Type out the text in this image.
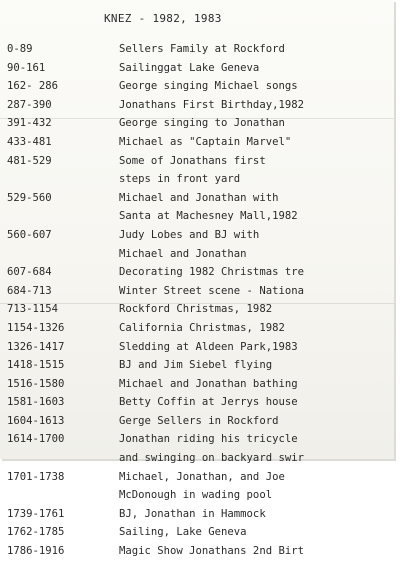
KNEZ - 1982, 1983
0-89	Sellers Family at Rockford
90-161	Sailinggat Lake Geneva
162- 286	George singing Michael songs
287-390	Jonathans First Birthday,1982
391-432	George singing to Jonathan
433-481	Michael as "Captain Marvel"
481-529	Some of Jonathans first
steps in front yard
529-560	Michael and Jonathan with
Santa at Machesney Mall,1982
560-607	Judy Lobes and BJ with
Michael and Jonathan
607-684	Decorating 1982 Christmas tre
684-713	Winter Street scene - Nationa
713-1154	Rockford Christmas, 1982
1154-1326	California Christmas, 1982
1326-1417	Sledding at Aldeen Park,1983
1418-1515	BJ and Jim Siebel flying
1516-1580	Michael and Jonathan bathing
1581-1603	Betty Coffin at Jerrys house
1604-1613	Gerge Sellers in Rockford
1614-1700	Jonathan riding his tricycle
and swinging on backyard swir
1701-1738	Michael, Jonathan, and Joe
McDonough in wading pool
1739-1761	BJ, Jonathan in Hammock
1762-1785	Sailing, Lake Geneva
1786-1916	Magic Show Jonathans 2nd Birt
